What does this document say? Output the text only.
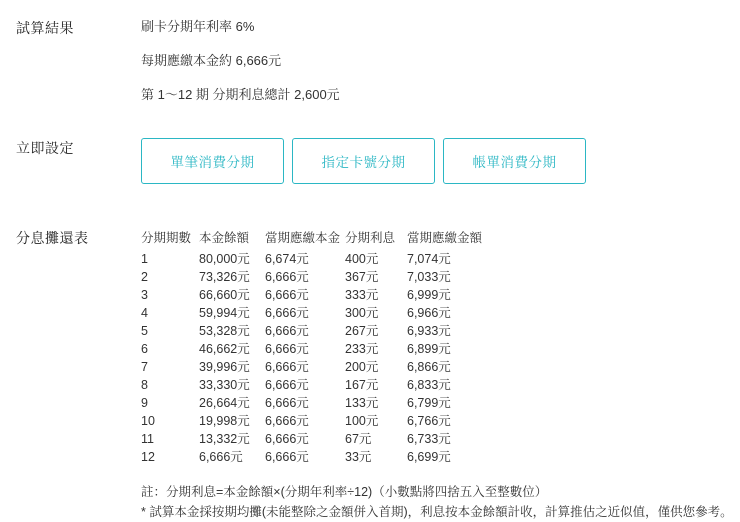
試算結果	刷卡分期年利率 6%
每期應繳本金約 6,666元
第 1～12 期 分期利息總計 2,600元
立即設定
單筆消費分期	指定卡號分期	帳單消費分期
分息攤還表	分期期數	本金餘額	當期應繳本金	分期利息	當期應繳金額
1	80,000元	6,674元	400元	7,074元
2	73,326元	6,666元	367元	7,033元
3	66,660元	6,666元	333元	6,999元
4	59,994元	6,666元	300元	6,966元
5	53,328元	6,666元	267元	6,933元
6	46,662元	6,666元	233元	6,899元
7	39,996元	6,666元	200元	6,866元
8	33,330元	6,666元	167元	6,833元
9	26,664元	6,666元	133元	6,799元
10	19,998元	6,666元	100元	6,766元
11	13,332元	6,666元	67元	6,733元
12	6,666元	6,666元	33元	6,699元
註：分期利息=本金餘額×(分期年利率÷12)（小數點將四捨五入至整數位）
* 試算本金採按期均攤(未能整除之金額併入首期)，利息按本金餘額計收，計算推估之近似值，僅供您參考。
